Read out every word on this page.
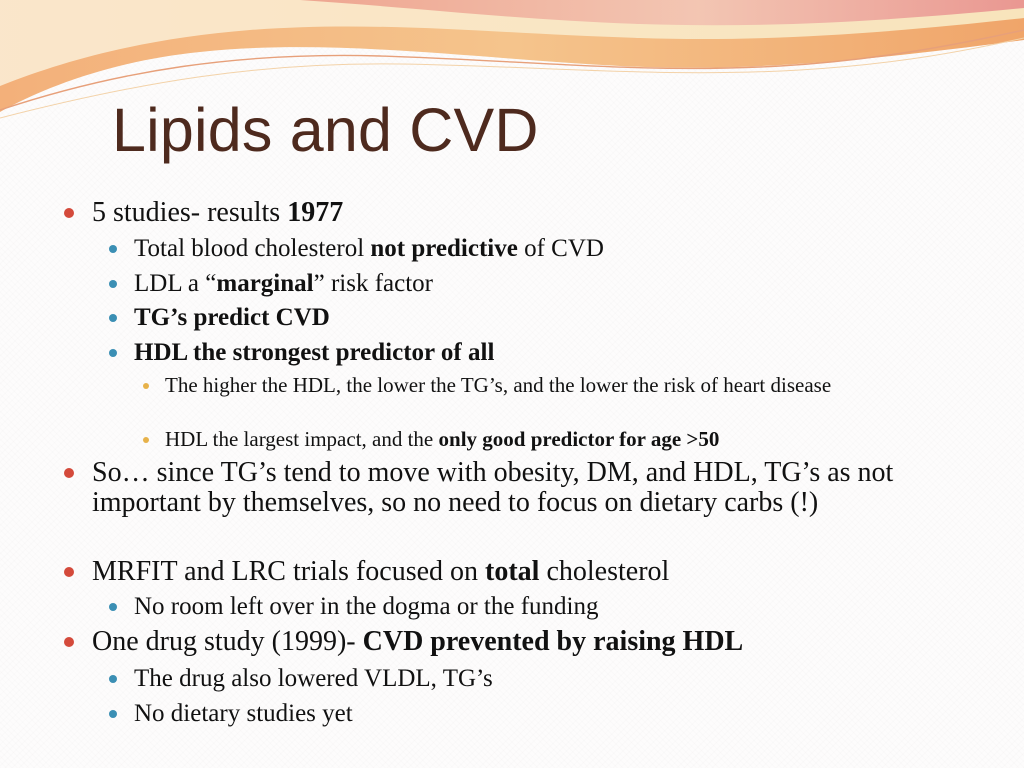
Lipids and CVD

5 studies- results 1977

Total blood cholesterol not predictive of CVD

LDL a “marginal” risk factor

TG’s predict CVD

HDL the strongest predictor of all

The higher the HDL, the lower the TG’s, and the lower the risk of heart disease

HDL the largest impact, and the only good predictor for age >50

So… since TG’s tend to move with obesity, DM, and HDL, TG’s as not important by themselves, so no need to focus on dietary carbs (!)

MRFIT and LRC trials focused on total cholesterol

No room left over in the dogma or the funding

One drug study (1999)- CVD prevented by raising HDL

The drug also lowered VLDL, TG’s

No dietary studies yet
